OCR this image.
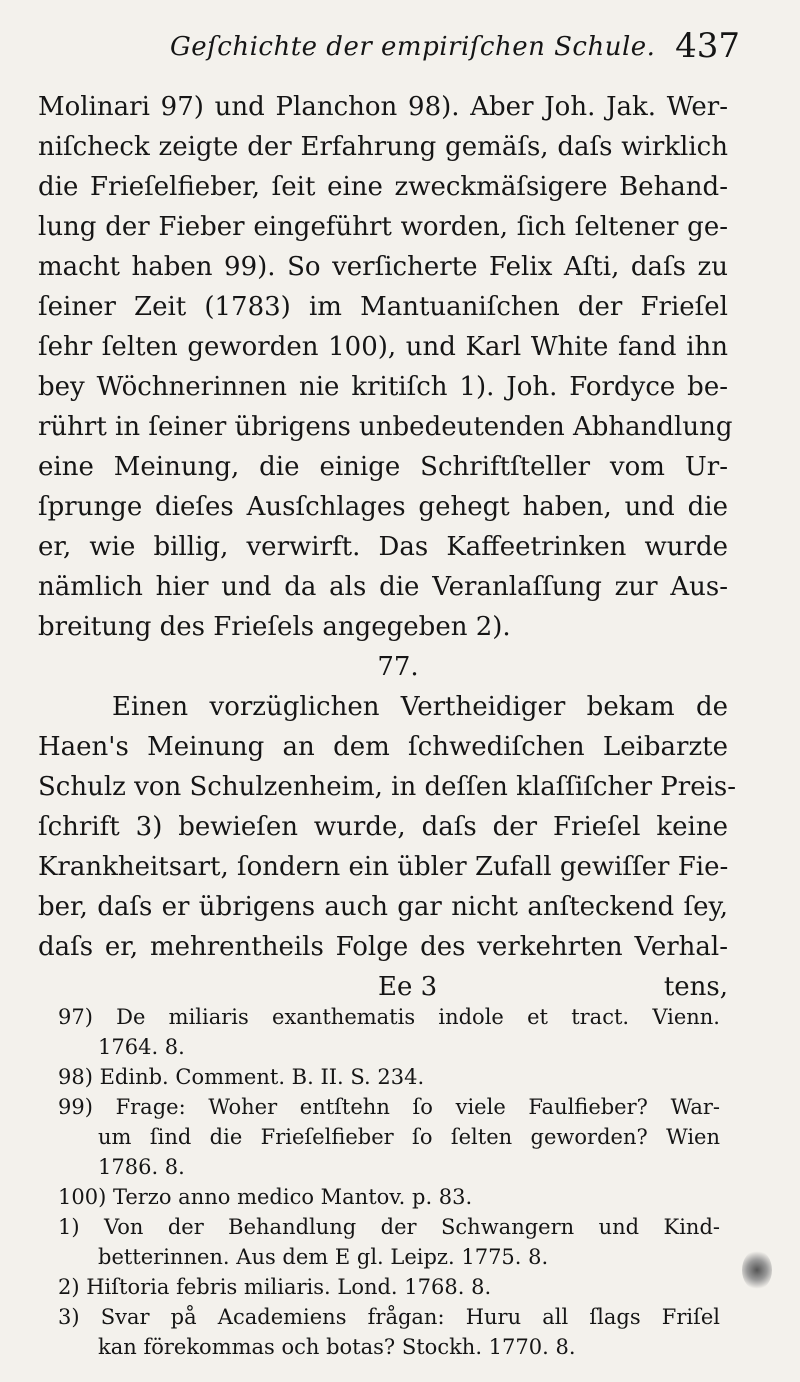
Geſchichte der empiriſchen Schule. 437
Molinari 97) und Planchon 98). Aber Joh. Jak. Wer-
niſcheck zeigte der Erfahrung gemäſs, daſs wirklich
die Frieſelfieber, ſeit eine zweckmäſsigere Behand-
lung der Fieber eingeführt worden, ſich ſeltener ge-
macht haben 99). So verſicherte Felix Aſti, daſs zu
ſeiner Zeit (1783) im Mantuaniſchen der Frieſel
ſehr ſelten geworden 100), und Karl White fand ihn
bey Wöchnerinnen nie kritiſch 1). Joh. Fordyce be-
rührt in ſeiner übrigens unbedeutenden Abhandlung
eine Meinung, die einige Schriftſteller vom Ur-
ſprunge dieſes Ausſchlages gehegt haben, und die
er, wie billig, verwirft. Das Kaffeetrinken wurde
nämlich hier und da als die Veranlaſſung zur Aus-
breitung des Frieſels angegeben 2).
77.
Einen vorzüglichen Vertheidiger bekam de
Haen's Meinung an dem ſchwediſchen Leibarzte
Schulz von Schulzenheim, in deſſen klaſſiſcher Preis-
ſchrift 3) bewieſen wurde, daſs der Frieſel keine
Krankheitsart, ſondern ein übler Zufall gewiſſer Fie-
ber, daſs er übrigens auch gar nicht anſteckend ſey,
daſs er, mehrentheils Folge des verkehrten Verhal-
Ee 3	tens,
97) De miliaris exanthematis indole et tract. Vienn.
1764. 8.
98) Edinb. Comment. B. II. S. 234.
99) Frage: Woher entſtehn ſo viele Faulfieber? War-
um ſind die Frieſelfieber ſo ſelten geworden? Wien
1786. 8.
100) Terzo anno medico Mantov. p. 83.
1) Von der Behandlung der Schwangern und Kind-
betterinnen. Aus dem E gl. Leipz. 1775. 8.
2) Hiſtoria febris miliaris. Lond. 1768. 8.
3) Svar på Academiens frågan: Huru all ſlags Friſel
kan förekommas och botas? Stockh. 1770. 8.
